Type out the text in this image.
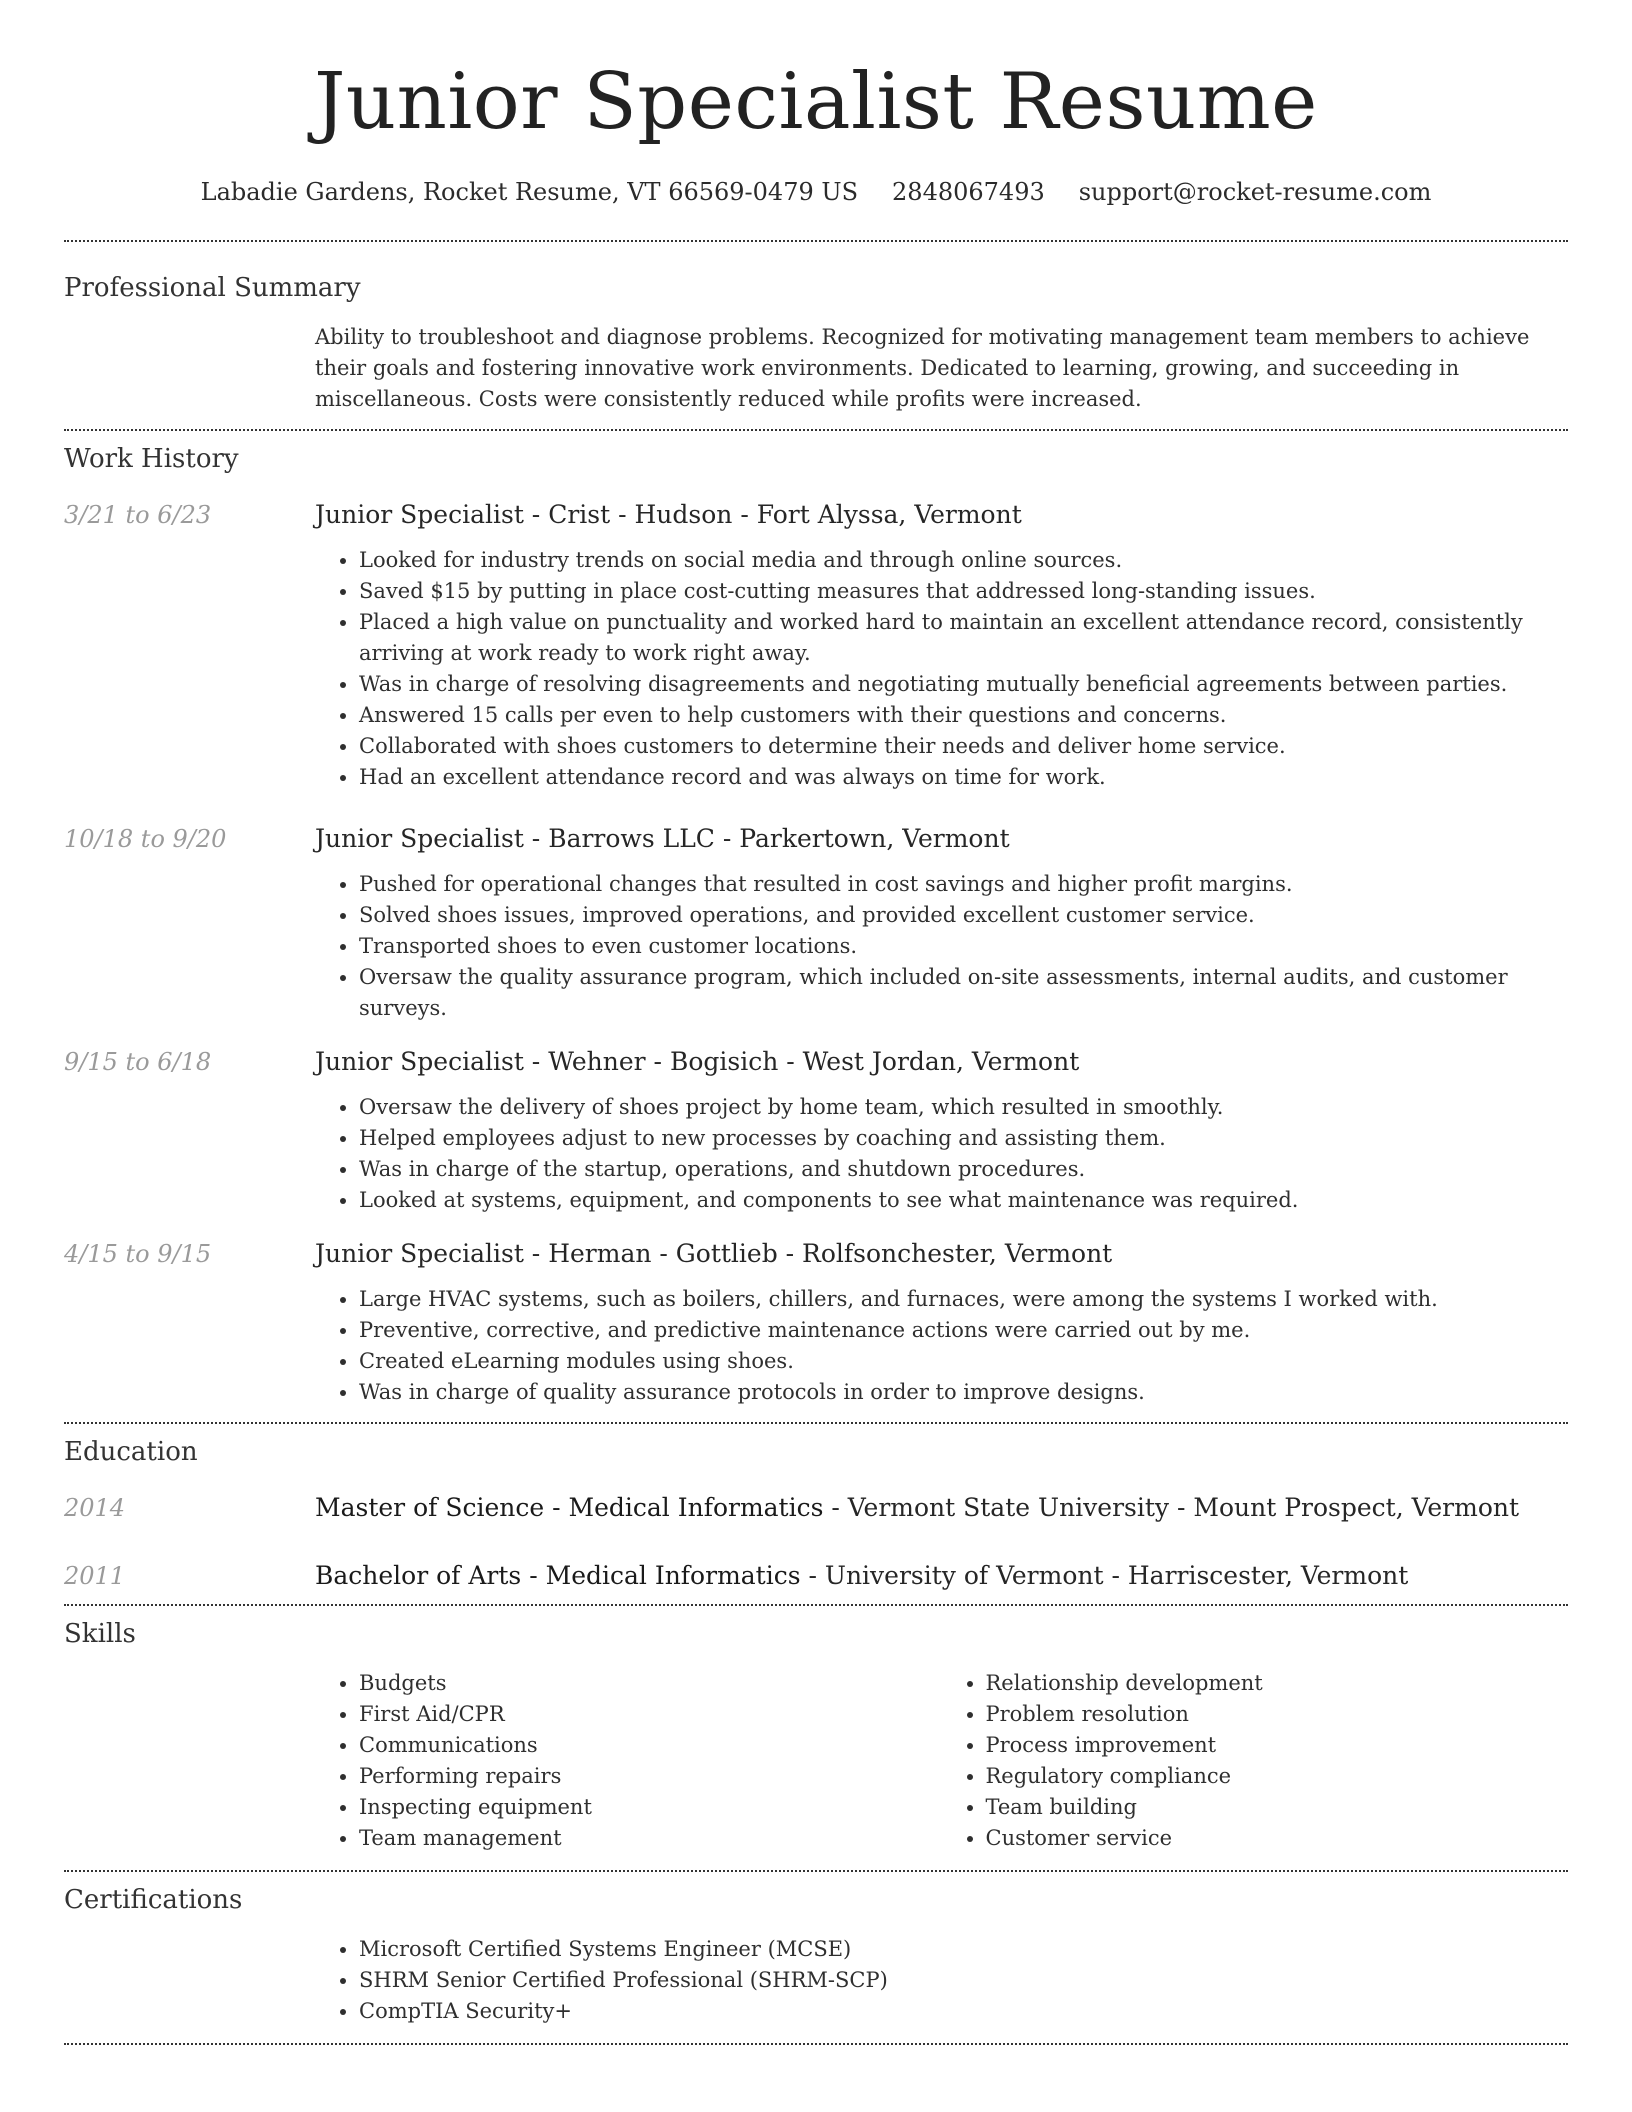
Junior Specialist Resume
Labadie Gardens, Rocket Resume, VT 66569-0479 US 2848067493 support@rocket-resume.com
Professional Summary

Ability to troubleshoot and diagnose problems. Recognized for motivating management team members to achieve their goals and fostering innovative work environments. Dedicated to learning, growing, and succeeding in miscellaneous. Costs were consistently reduced while profits were increased.

Work History
3/21 to 6/23	Junior Specialist - Crist - Hudson - Fort Alyssa, Vermont
• Looked for industry trends on social media and through online sources.
• Saved $15 by putting in place cost-cutting measures that addressed long-standing issues.
• Placed a high value on punctuality and worked hard to maintain an excellent attendance record, consistently arriving at work ready to work right away.
• Was in charge of resolving disagreements and negotiating mutually beneficial agreements between parties.
• Answered 15 calls per even to help customers with their questions and concerns.
• Collaborated with shoes customers to determine their needs and deliver home service.
• Had an excellent attendance record and was always on time for work.
10/18 to 9/20	Junior Specialist - Barrows LLC - Parkertown, Vermont
• Pushed for operational changes that resulted in cost savings and higher profit margins.
• Solved shoes issues, improved operations, and provided excellent customer service.
• Transported shoes to even customer locations.
• Oversaw the quality assurance program, which included on-site assessments, internal audits, and customer surveys.
9/15 to 6/18	Junior Specialist - Wehner - Bogisich - West Jordan, Vermont
• Oversaw the delivery of shoes project by home team, which resulted in smoothly.
• Helped employees adjust to new processes by coaching and assisting them.
• Was in charge of the startup, operations, and shutdown procedures.
• Looked at systems, equipment, and components to see what maintenance was required.
4/15 to 9/15	Junior Specialist - Herman - Gottlieb - Rolfsonchester, Vermont
• Large HVAC systems, such as boilers, chillers, and furnaces, were among the systems I worked with.
• Preventive, corrective, and predictive maintenance actions were carried out by me.
• Created eLearning modules using shoes.
• Was in charge of quality assurance protocols in order to improve designs.
Education
2014	Master of Science - Medical Informatics - Vermont State University - Mount Prospect, Vermont
2011	Bachelor of Arts - Medical Informatics - University of Vermont - Harriscester, Vermont
Skills
• Budgets
• First Aid/CPR
• Communications
• Performing repairs
• Inspecting equipment
• Team management
• Relationship development
• Problem resolution
• Process improvement
• Regulatory compliance
• Team building
• Customer service
Certifications
• Microsoft Certified Systems Engineer (MCSE)
• SHRM Senior Certified Professional (SHRM-SCP)
• CompTIA Security+
